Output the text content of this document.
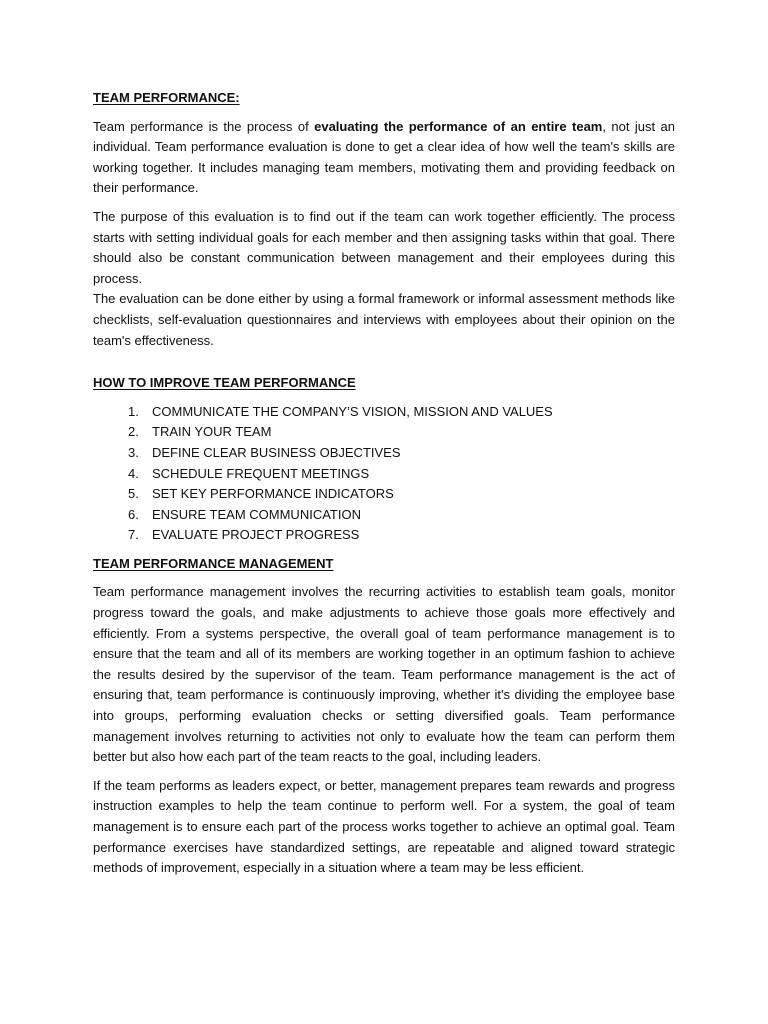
TEAM PERFORMANCE:

Team performance is the process of evaluating the performance of an entire team, not just an individual. Team performance evaluation is done to get a clear idea of how well the team's skills are working together. It includes managing team members, motivating them and providing feedback on their performance.

The purpose of this evaluation is to find out if the team can work together efficiently. The process starts with setting individual goals for each member and then assigning tasks within that goal. There should also be constant communication between management and their employees during this process.

The evaluation can be done either by using a formal framework or informal assessment methods like checklists, self-evaluation questionnaires and interviews with employees about their opinion on the team's effectiveness.

HOW TO IMPROVE TEAM PERFORMANCE

1. COMMUNICATE THE COMPANY’S VISION, MISSION AND VALUES
2. TRAIN YOUR TEAM
3. DEFINE CLEAR BUSINESS OBJECTIVES
4. SCHEDULE FREQUENT MEETINGS
5. SET KEY PERFORMANCE INDICATORS
6. ENSURE TEAM COMMUNICATION
7. EVALUATE PROJECT PROGRESS

TEAM PERFORMANCE MANAGEMENT

Team performance management involves the recurring activities to establish team goals, monitor progress toward the goals, and make adjustments to achieve those goals more effectively and efficiently. From a systems perspective, the overall goal of team performance management is to ensure that the team and all of its members are working together in an optimum fashion to achieve the results desired by the supervisor of the team. Team performance management is the act of ensuring that, team performance is continuously improving, whether it's dividing the employee base into groups, performing evaluation checks or setting diversified goals. Team performance management involves returning to activities not only to evaluate how the team can perform them better but also how each part of the team reacts to the goal, including leaders.

If the team performs as leaders expect, or better, management prepares team rewards and progress instruction examples to help the team continue to perform well. For a system, the goal of team management is to ensure each part of the process works together to achieve an optimal goal. Team performance exercises have standardized settings, are repeatable and aligned toward strategic methods of improvement, especially in a situation where a team may be less efficient.
